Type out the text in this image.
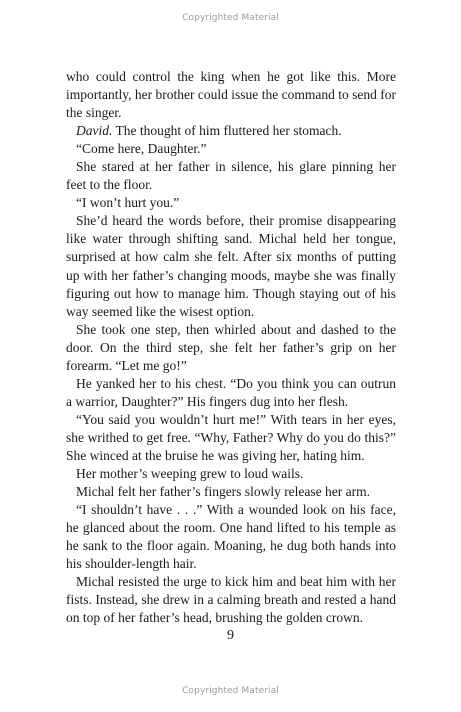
Copyrighted Material

who could control the king when he got like this. More importantly, her brother could issue the command to send for the singer.

David. The thought of him fluttered her stomach.

“Come here, Daughter.”

She stared at her father in silence, his glare pinning her feet to the floor.

“I won’t hurt you.”

She’d heard the words before, their promise disappearing like water through shifting sand. Michal held her tongue, surprised at how calm she felt. After six months of putting up with her father’s changing moods, maybe she was finally figuring out how to manage him. Though staying out of his way seemed like the wisest option.

She took one step, then whirled about and dashed to the door. On the third step, she felt her father’s grip on her forearm. “Let me go!”

He yanked her to his chest. “Do you think you can outrun a warrior, Daughter?” His fingers dug into her flesh.

“You said you wouldn’t hurt me!” With tears in her eyes, she writhed to get free. “Why, Father? Why do you do this?” She winced at the bruise he was giving her, hating him.

Her mother’s weeping grew to loud wails.

Michal felt her father’s fingers slowly release her arm.

“I shouldn’t have . . .” With a wounded look on his face, he glanced about the room. One hand lifted to his temple as he sank to the floor again. Moaning, he dug both hands into his shoulder-length hair.

Michal resisted the urge to kick him and beat him with her fists. Instead, she drew in a calming breath and rested a hand on top of her father’s head, brushing the golden crown.

9
Copyrighted Material
